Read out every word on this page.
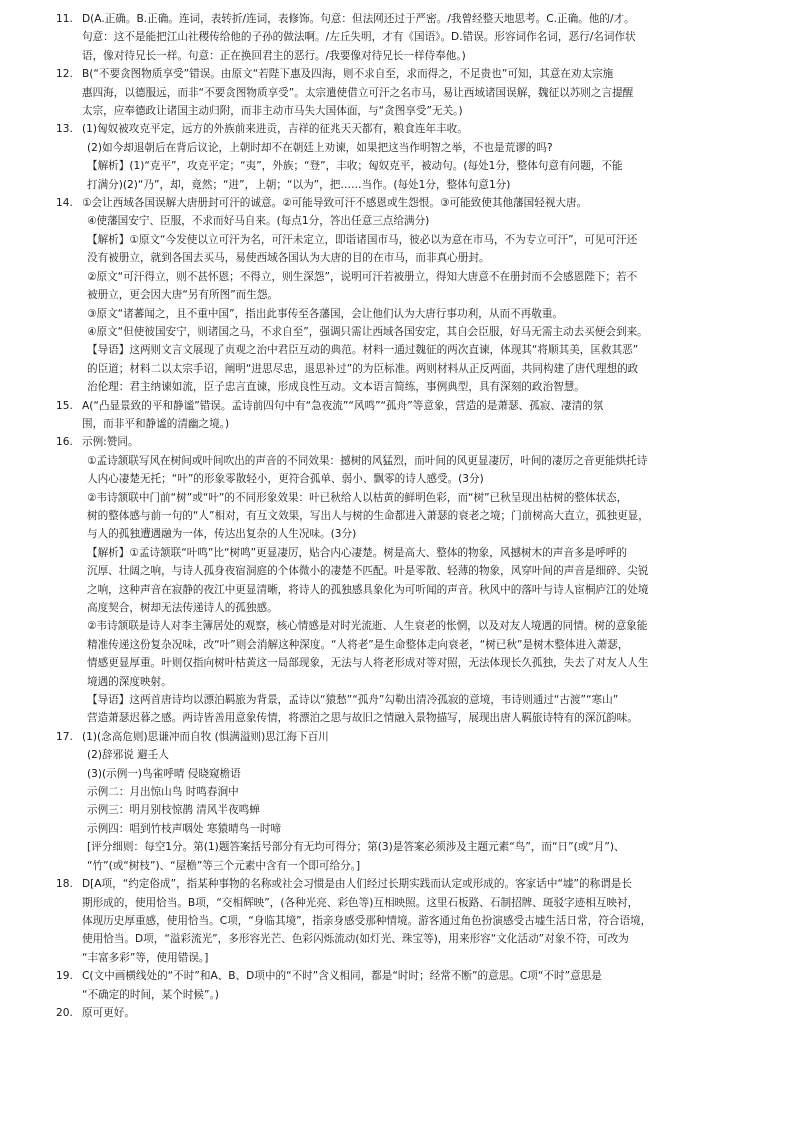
11. D(A.正确。B.正确。连词，表转折/连词，表修饰。句意：但法网还过于严密。/我曾经整天地思考。C.正确。他的/才。
句意：这不是能把江山社稷传给他的子孙的做法啊。/左丘失明，才有《国语》。D.错误。形容词作名词，恶行/名词作状
语，像对待兄长一样。句意：正在换回君主的恶行。/我要像对待兄长一样侍奉他。)
12. B(“不要贪图物质享受”错误。由原文“若陛下惠及四海，则不求自至，求而得之，不足贵也”可知，其意在劝太宗施
惠四海，以德服远，而非“不要贪图物质享受”。太宗遣使借立可汗之名市马，易让西域诸国误解，魏征以苏则之言提醒
太宗，应奉德政让诸国主动归附，而非主动市马失大国体面，与“贪图享受”无关。)
13. (1)匈奴被攻克平定，远方的外族前来进贡，吉祥的征兆天天都有，粮食连年丰收。
(2)如今却退朝后在背后议论，上朝时却不在朝廷上劝谏，如果把这当作明智之举，不也是荒谬的吗?
【解析】(1)“克平”，攻克平定；“夷”，外族；“登”，丰收；匈奴克平，被动句。(每处1分，整体句意有问题，不能
打满分)(2)“乃”，却，竟然；“进”，上朝；“以为”，把……当作。(每处1分，整体句意1分)
14. ①会让西域各国误解大唐册封可汗的诚意。②可能导致可汗不感恩或生怨恨。③可能致使其他藩国轻视大唐。
④使藩国安宁、臣服，不求而好马自来。(每点1分，答出任意三点给满分)
【解析】①原文“今发使以立可汗为名，可汗未定立，即诣诸国市马，彼必以为意在市马，不为专立可汗”，可见可汗还
没有被册立，就到各国去买马，易使西域各国认为大唐的目的在市马，而非真心册封。
②原文“可汗得立，则不甚怀恩；不得立，则生深怨”，说明可汗若被册立，得知大唐意不在册封而不会感恩陛下；若不
被册立，更会因大唐“另有所图”而生怨。
③原文“诸蕃闻之，且不重中国”，指出此事传至各藩国，会让他们认为大唐行事功利，从而不再敬重。
④原文“但使彼国安宁，则诸国之马，不求自至”，强调只需让西域各国安定，其自会臣服，好马无需主动去买便会到来。
【导语】这两则文言文展现了贞观之治中君臣互动的典范。材料一通过魏征的两次直谏，体现其“将顺其美，匡救其恶”
的臣道；材料二以太宗手诏，阐明“进思尽忠，退思补过”的为臣标准。两则材料从正反两面，共同构建了唐代理想的政
治伦理：君主纳谏如流，臣子忠言直谏，形成良性互动。文本语言简练，事例典型，具有深刻的政治智慧。
15. A(“凸显景致的平和静谧”错误。孟诗前四句中有“急夜流”“风鸣”“孤舟”等意象，营造的是萧瑟、孤寂、凄清的氛
围，而非平和静谧的清幽之境。)
16. 示例:赞同。
①孟诗颔联写风在树间或叶间吹出的声音的不同效果：撼树的风猛烈，而叶间的风更显凄厉，叶间的凄厉之音更能烘托诗
人内心凄楚无托；“叶”的形象零散轻小，更符合孤单、弱小、飘零的诗人感受。(3分)
②韦诗颔联中门前“树”或“叶”的不同形象效果：叶已秋给人以枯黄的鲜明色彩，而“树”已秋呈现出枯树的整体状态，
树的整体感与前一句的“人”相对，有互文效果，写出人与树的生命都进入萧瑟的衰老之境；门前树高大直立，孤独更显，
与人的孤独遭遇融为一体，传达出复杂的人生况味。(3分)
【解析】①孟诗颔联“叶鸣”比“树鸣”更显凄厉，贴合内心凄楚。树是高大、整体的物象，风撼树木的声音多是呼呼的
沉厚、壮阔之响，与诗人孤身夜宿洞庭的个体微小的凄楚不匹配。叶是零散、轻薄的物象，风穿叶间的声音是细碎、尖锐
之响，这种声音在寂静的夜江中更显清晰，将诗人的孤独感具象化为可听闻的声音。秋风中的落叶与诗人宦桐庐江的处境
高度契合，树却无法传递诗人的孤独感。
②韦诗颔联是诗人对李主簿居处的观察，核心情感是对时光流逝、人生衰老的怅惘，以及对友人境遇的同情。树的意象能
精准传递这份复杂况味，改“叶”则会消解这种深度。“人将老”是生命整体走向衰老，“树已秋”是树木整体进入萧瑟，
情感更显厚重。叶则仅指向树叶枯黄这一局部现象，无法与人将老形成对等对照，无法体现长久孤独，失去了对友人人生
境遇的深度映射。
【导语】这两首唐诗均以漂泊羁旅为背景，孟诗以“猿愁”“孤舟”勾勒出清冷孤寂的意境，韦诗则通过“古渡”“寒山”
营造萧瑟迟暮之感。两诗皆善用意象传情，将漂泊之思与故旧之情融入景物描写，展现出唐人羁旅诗特有的深沉韵味。
17. (1)(念高危则)思谦冲而自牧 (惧满溢则)思江海下百川
(2)辞邪说 避壬人
(3)(示例一)鸟雀呼晴 侵晓窥檐语
示例二：月出惊山鸟 时鸣春涧中
示例三：明月别枝惊鹊 清风半夜鸣蝉
示例四：唱到竹枝声咽处 寒猿晴鸟一时啼
[评分细则：每空1分。第(1)题答案括号部分有无均可得分；第(3)是答案必须涉及主题元素“鸟”，而“日”(或“月”)、
“竹”(或“树枝”)、“屋檐”等三个元素中含有一个即可给分。]
18. D[A项，“约定俗成”，指某种事物的名称或社会习惯是由人们经过长期实践而认定或形成的。客家话中“墟”的称谓是长
期形成的，使用恰当。B项，“交相辉映”，(各种光亮、彩色等)互相映照。这里石板路、石制招牌、斑驳字迹相互映衬，
体现历史厚重感，使用恰当。C项，“身临其境”，指亲身感受那种情境。游客通过角色扮演感受古墟生活日常，符合语境，
使用恰当。D项，“溢彩流光”，多形容光芒、色彩闪烁流动(如灯光、珠宝等)，用来形容“文化活动”对象不符，可改为
“丰富多彩”等，使用错误。]
19. C(文中画横线处的“不时”和A、B、D项中的“不时”含义相同，都是“时时；经常不断”的意思。C项“不时”意思是
“不确定的时间，某个时候”。)
20. 原可更好。
